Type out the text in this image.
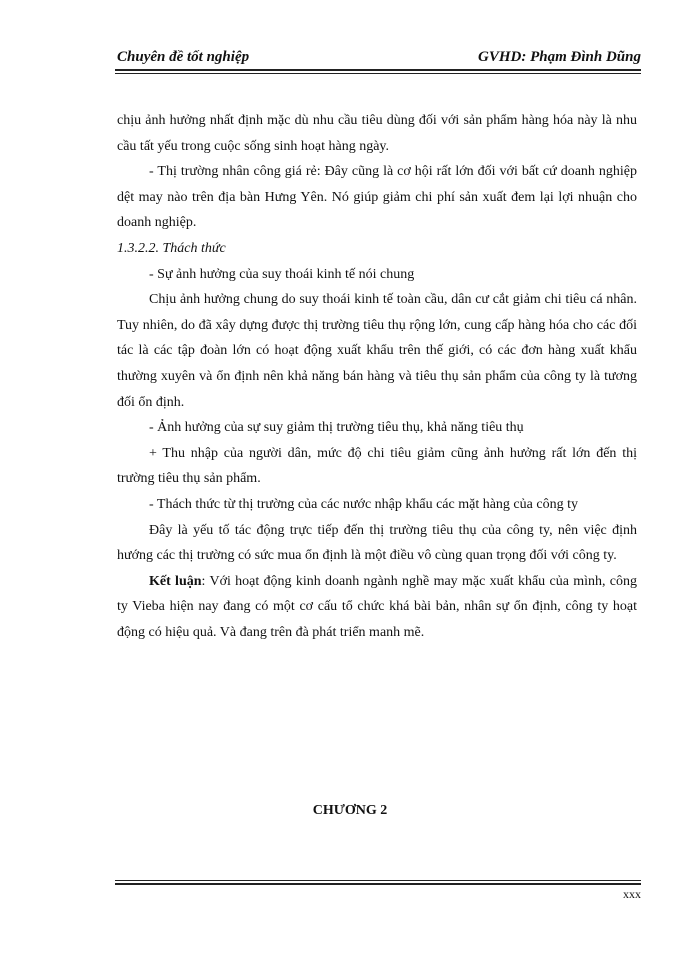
Chuyên đề tốt nghiệp	GVHD: Phạm Đình Dũng

chịu ảnh hưởng nhất định mặc dù nhu cầu tiêu dùng đối với sản phẩm hàng hóa này là nhu cầu tất yếu trong cuộc sống sinh hoạt hàng ngày.

- Thị trường nhân công giá rẻ: Đây cũng là cơ hội rất lớn đối với bất cứ doanh nghiệp dệt may nào trên địa bàn Hưng Yên. Nó giúp giảm chi phí sản xuất đem lại lợi nhuận cho doanh nghiệp.

1.3.2.2. Thách thức

- Sự ảnh hưởng của suy thoái kinh tế nói chung

Chịu ảnh hưởng chung do suy thoái kinh tế toàn cầu, dân cư cắt giảm chi tiêu cá nhân. Tuy nhiên, do đã xây dựng được thị trường tiêu thụ rộng lớn, cung cấp hàng hóa cho các đối tác là các tập đoàn lớn có hoạt động xuất khẩu trên thế giới, có các đơn hàng xuất khẩu thường xuyên và ổn định nên khả năng bán hàng và tiêu thụ sản phẩm của công ty là tương đối ổn định.

- Ảnh hưởng của sự suy giảm thị trường tiêu thụ, khả năng tiêu thụ

+ Thu nhập của người dân, mức độ chi tiêu giảm cũng ảnh hưởng rất lớn đến thị trường tiêu thụ sản phẩm.

- Thách thức từ thị trường của các nước nhập khẩu các mặt hàng của công ty

Đây là yếu tố tác động trực tiếp đến thị trường tiêu thụ của công ty, nên việc định hướng các thị trường có sức mua ổn định là một điều vô cùng quan trọng đối với công ty.

Kết luận: Với hoạt động kinh doanh ngành nghề may mặc xuất khẩu của mình, công ty Vieba hiện nay đang có một cơ cấu tổ chức khá bài bản, nhân sự ổn định, công ty hoạt động có hiệu quả. Và đang trên đà phát triển manh mẽ.

CHƯƠNG 2
xxx
